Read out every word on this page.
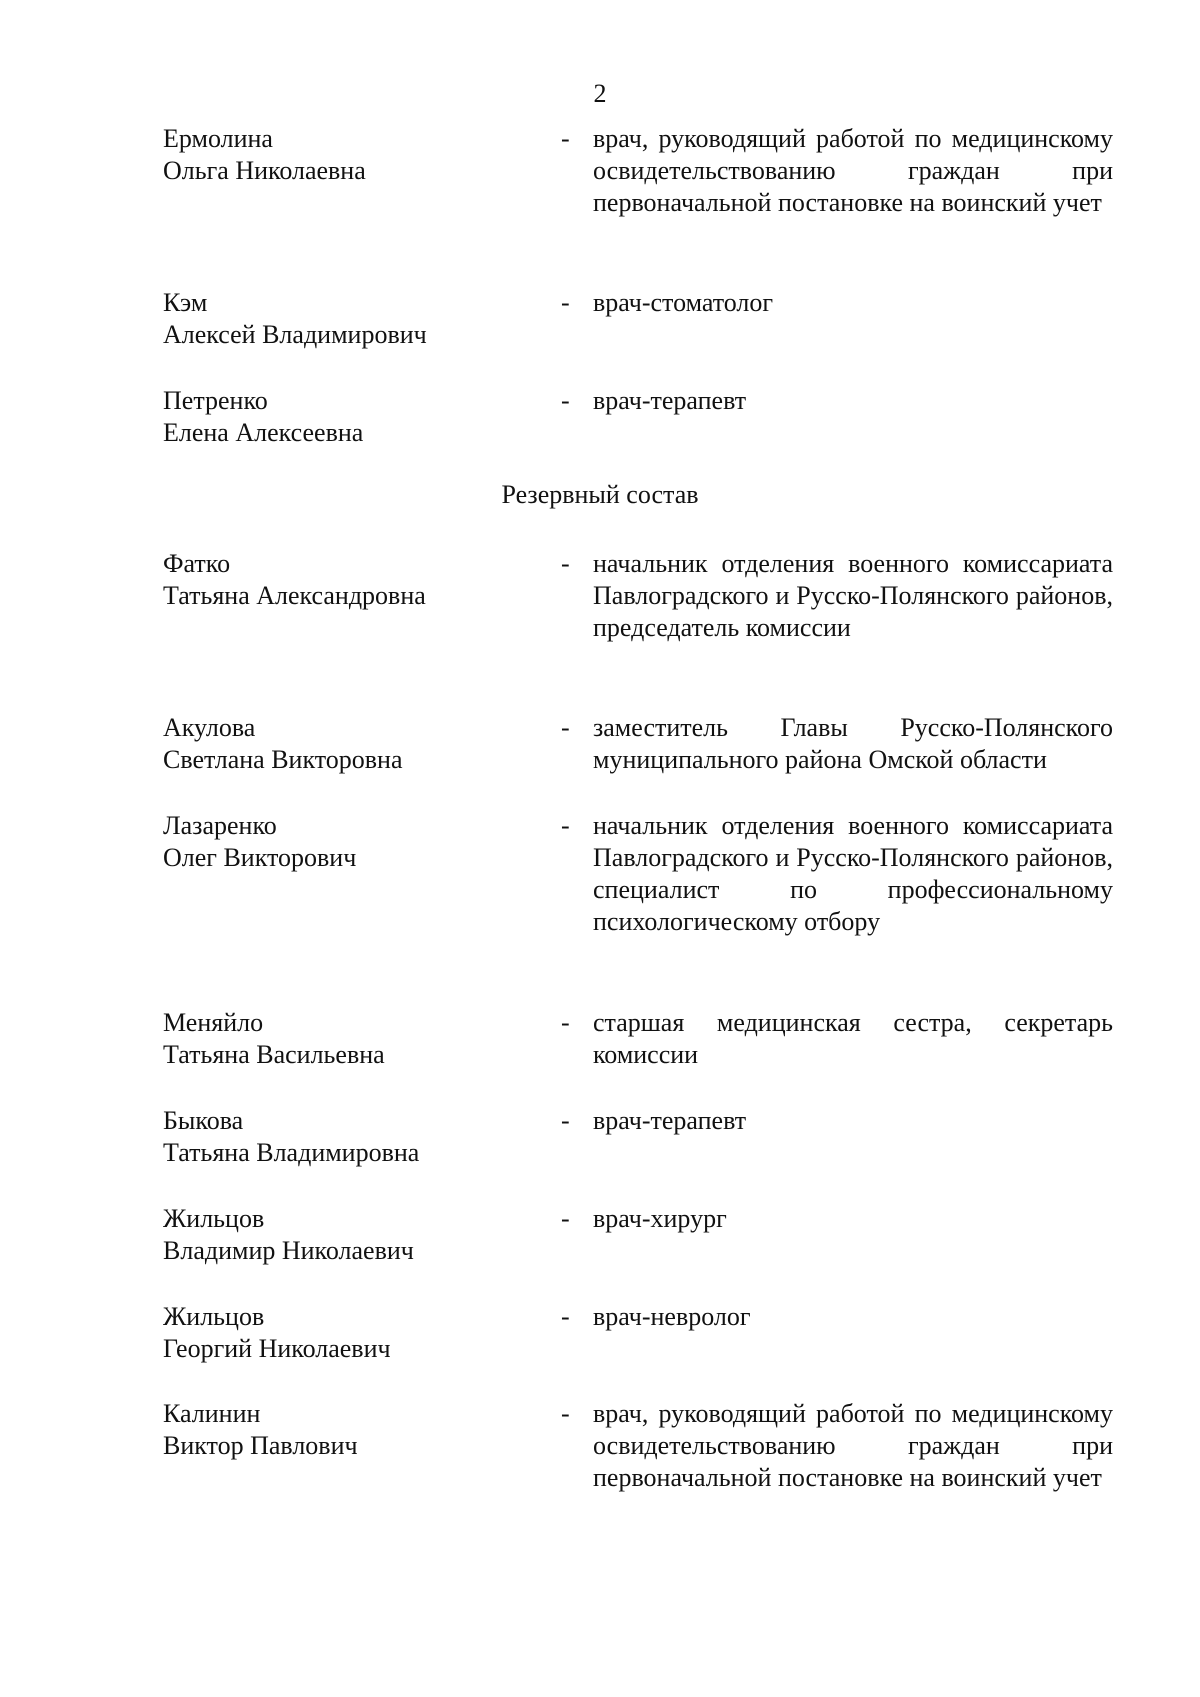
2
Ермолина
Ольга Николаевна
- врач, руководящий работой по медицинскому освидетельствованию граждан при первоначальной постановке на воинский учет
Кэм
Алексей Владимирович
- врач-стоматолог
Петренко
Елена Алексеевна
- врач-терапевт
Резервный состав
Фатко
Татьяна Александровна
- начальник отделения военного комиссариата Павлоградского и Русско-Полянского районов, председатель комиссии
Акулова
Светлана Викторовна
- заместитель Главы Русско-Полянского муниципального района Омской области
Лазаренко
Олег Викторович
- начальник отделения военного комиссариата Павлоградского и Русско-Полянского районов, специалист по профессиональному психологическому отбору
Меняйло
Татьяна Васильевна
- старшая медицинская сестра, секретарь комиссии
Быкова
Татьяна Владимировна
- врач-терапевт
Жильцов
Владимир Николаевич
- врач-хирург
Жильцов
Георгий Николаевич
- врач-невролог
Калинин
Виктор Павлович
- врач, руководящий работой по медицинскому освидетельствованию граждан при первоначальной постановке на воинский учет
